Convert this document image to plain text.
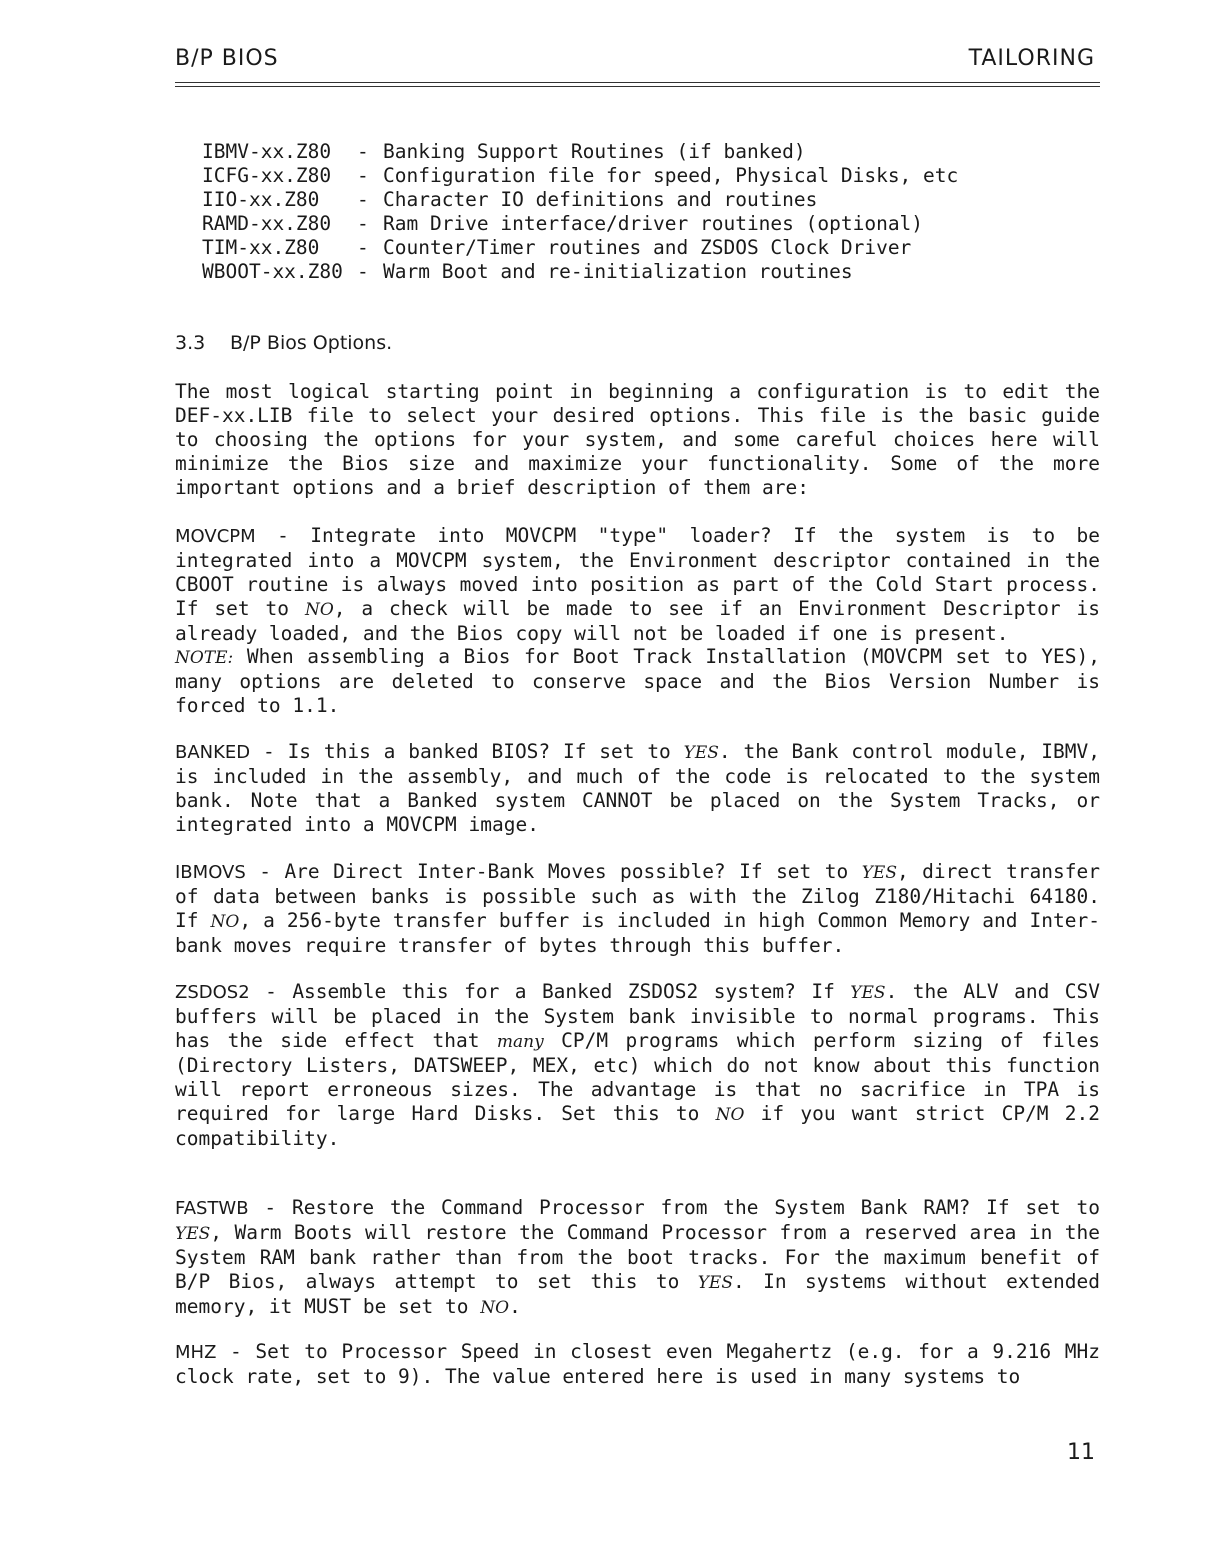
B/P BIOS	TAILORING
IBMV-xx.Z80	- Banking Support Routines (if banked)
ICFG-xx.Z80	- Configuration file for speed, Physical Disks, etc
IIO-xx.Z80	- Character IO definitions and routines
RAMD-xx.Z80	- Ram Drive interface/driver routines (optional)
TIM-xx.Z80	- Counter/Timer routines and ZSDOS Clock Driver
WBOOT-xx.Z80 - Warm Boot and re-initialization routines
3.3 B/P Bios Options.
The most logical starting point in beginning a configuration is to edit the DEF-xx.LIB file to select your desired options. This file is the basic guide to choosing the options for your system, and some careful choices here will minimize the Bios size and maximize your functionality. Some of the more important options and a brief description of them are:
MOVCPM - Integrate into MOVCPM "type" loader? If the system is to be integrated into a MOVCPM system, the Environment descriptor contained in the CBOOT routine is always moved into position as part of the Cold Start process. If set to NO, a check will be made to see if an Environment Descriptor is already loaded, and the Bios copy will not be loaded if one is present.
NOTE: When assembling a Bios for Boot Track Installation (MOVCPM set to YES), many options are deleted to conserve space and the Bios Version Number is forced to 1.1.
BANKED - Is this a banked BIOS? If set to YES. the Bank control module, IBMV, is included in the assembly, and much of the code is relocated to the system bank. Note that a Banked system CANNOT be placed on the System Tracks, or integrated into a MOVCPM image.
IBMOVS - Are Direct Inter-Bank Moves possible? If set to YES, direct transfer of data between banks is possible such as with the Zilog Z180/Hitachi 64180. If NO, a 256-byte transfer buffer is included in high Common Memory and Inter-bank moves require transfer of bytes through this buffer.
ZSDOS2 - Assemble this for a Banked ZSDOS2 system? If YES. the ALV and CSV buffers will be placed in the System bank invisible to normal programs. This has the side effect that many CP/M programs which perform sizing of files (Directory Listers, DATSWEEP, MEX, etc) which do not know about this function will report erroneous sizes. The advantage is that no sacrifice in TPA is required for large Hard Disks. Set this to NO if you want strict CP/M 2.2 compatibility.
FASTWB - Restore the Command Processor from the System Bank RAM? If set to YES, Warm Boots will restore the Command Processor from a reserved area in the System RAM bank rather than from the boot tracks. For the maximum benefit of B/P Bios, always attempt to set this to YES. In systems without extended memory, it MUST be set to NO.
MHZ - Set to Processor Speed in closest even Megahertz (e.g. for a 9.216 MHz clock rate, set to 9). The value entered here is used in many systems to
11
